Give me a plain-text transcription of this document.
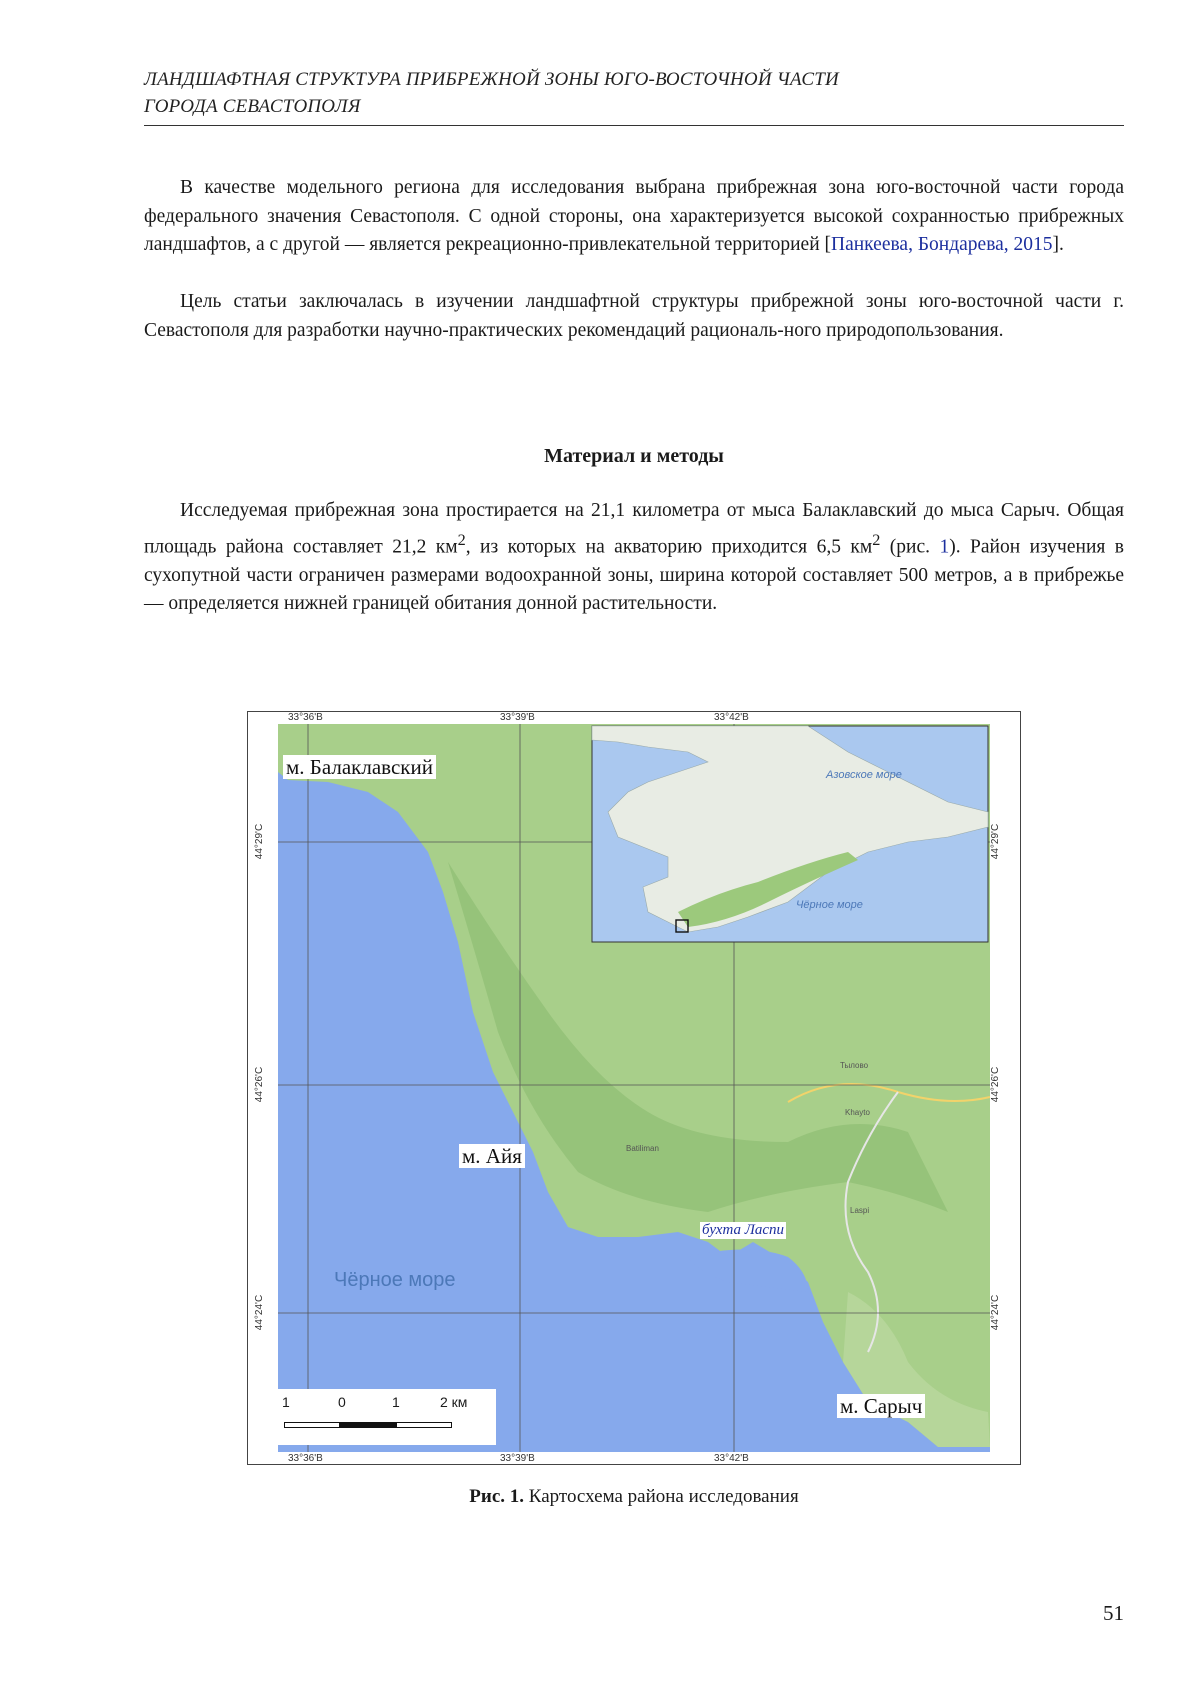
ЛАНДШАФТНАЯ СТРУКТУРА ПРИБРЕЖНОЙ ЗОНЫ ЮГО-ВОСТОЧНОЙ ЧАСТИ
ГОРОДА СЕВАСТОПОЛЯ

В качестве модельного региона для исследования выбрана прибрежная зона юго-восточной части города федерального значения Севастополя. С одной стороны, она характеризуется высокой сохранностью прибрежных ландшафтов, а с другой — является рекреационно-привлекательной территорией [Панкеева, Бондарева, 2015].

Цель статьи заключалась в изучении ландшафтной структуры прибрежной зоны юго-восточной части г. Севастополя для разработки научно-практических рекомендаций рациональ-ного природопользования.

Материал и методы

Исследуемая прибрежная зона простирается на 21,1 километра от мыса Балаклавский до мыса Сарыч. Общая площадь района составляет 21,2 $км^2$, из которых на акваторию приходится 6,5 $км^2$ (рис. 1). Район изучения в сухопутной части ограничен размерами водоохранной зоны, ширина которой составляет 500 метров, а в прибрежье — определяется нижней границей обитания донной растительности.

33°36'В	33°39'В	33°42'В
33°36'В	33°39'В	33°42'В
44°29'С
44°26'С
44°24'С
44°29'С
44°26'С
44°24'С
м. Балаклавский
м. Айя
бухта Ласпи
Чёрное море
м. Сарыч
Азовское море
Чёрное море
Batiliman
Khayto
Тылово
Laspi
1	0	1	2 км
Рис. 1. Картосхема района исследования
51
